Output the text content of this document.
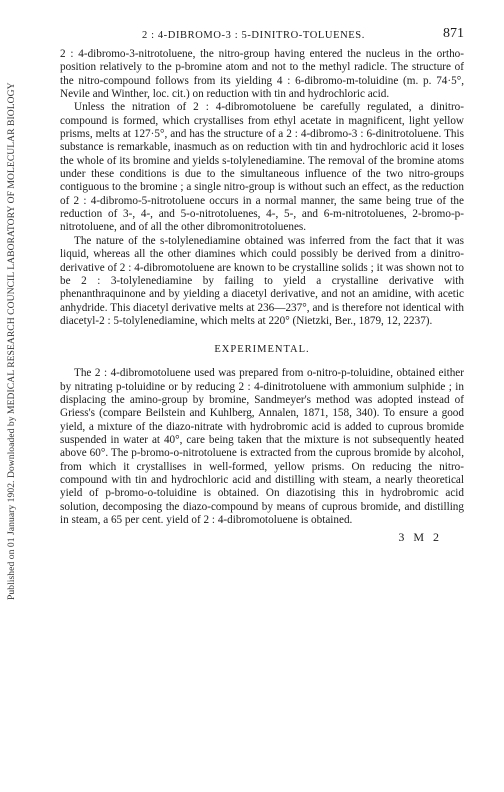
Published on 01 January 1902. Downloaded by MEDICAL RESEARCH COUNCIL LABORATORY OF MOLECULAR BIOLOGY
2 : 4-DIBROMO-3 : 5-DINITRO-TOLUENES.	871

2 : 4-dibromo-3-nitrotoluene, the nitro-group having entered the nucleus in the ortho-position relatively to the p-bromine atom and not to the methyl radicle. The structure of the nitro-compound follows from its yielding 4 : 6-dibromo-m-toluidine (m. p. 74·5°, Nevile and Winther, loc. cit.) on reduction with tin and hydrochloric acid.

Unless the nitration of 2 : 4-dibromotoluene be carefully regulated, a dinitro-compound is formed, which crystallises from ethyl acetate in magnificent, light yellow prisms, melts at 127·5°, and has the structure of a 2 : 4-dibromo-3 : 6-dinitrotoluene. This substance is remarkable, inasmuch as on reduction with tin and hydrochloric acid it loses the whole of its bromine and yields s-tolylenediamine. The removal of the bromine atoms under these conditions is due to the simultaneous influence of the two nitro-groups contiguous to the bromine ; a single nitro-group is without such an effect, as the reduction of 2 : 4-dibromo-5-nitrotoluene occurs in a normal manner, the same being true of the reduction of 3-, 4-, and 5-o-nitrotoluenes, 4-, 5-, and 6-m-nitrotoluenes, 2-bromo-p-nitrotoluene, and of all the other dibromonitrotoluenes.

The nature of the s-tolylenediamine obtained was inferred from the fact that it was liquid, whereas all the other diamines which could possibly be derived from a dinitro-derivative of 2 : 4-dibromotoluene are known to be crystalline solids ; it was shown not to be 2 : 3-tolylenediamine by failing to yield a crystalline derivative with phenanthraquinone and by yielding a diacetyl derivative, and not an amidine, with acetic anhydride. This diacetyl derivative melts at 236—237°, and is therefore not identical with diacetyl-2 : 5-tolylenediamine, which melts at 220° (Nietzki, Ber., 1879, 12, 2237).

EXPERIMENTAL.

The 2 : 4-dibromotoluene used was prepared from o-nitro-p-toluidine, obtained either by nitrating p-toluidine or by reducing 2 : 4-dinitrotoluene with ammonium sulphide ; in displacing the amino-group by bromine, Sandmeyer's method was adopted instead of Griess's (compare Beilstein and Kuhlberg, Annalen, 1871, 158, 340). To ensure a good yield, a mixture of the diazo-nitrate with hydrobromic acid is added to cuprous bromide suspended in water at 40°, care being taken that the mixture is not subsequently heated above 60°. The p-bromo-o-nitrotoluene is extracted from the cuprous bromide by alcohol, from which it crystallises in well-formed, yellow prisms. On reducing the nitro-compound with tin and hydrochloric acid and distilling with steam, a nearly theoretical yield of p-bromo-o-toluidine is obtained. On diazotising this in hydrobromic acid solution, decomposing the diazo-compound by means of cuprous bromide, and distilling in steam, a 65 per cent. yield of 2 : 4-dibromotoluene is obtained.

3 M 2
